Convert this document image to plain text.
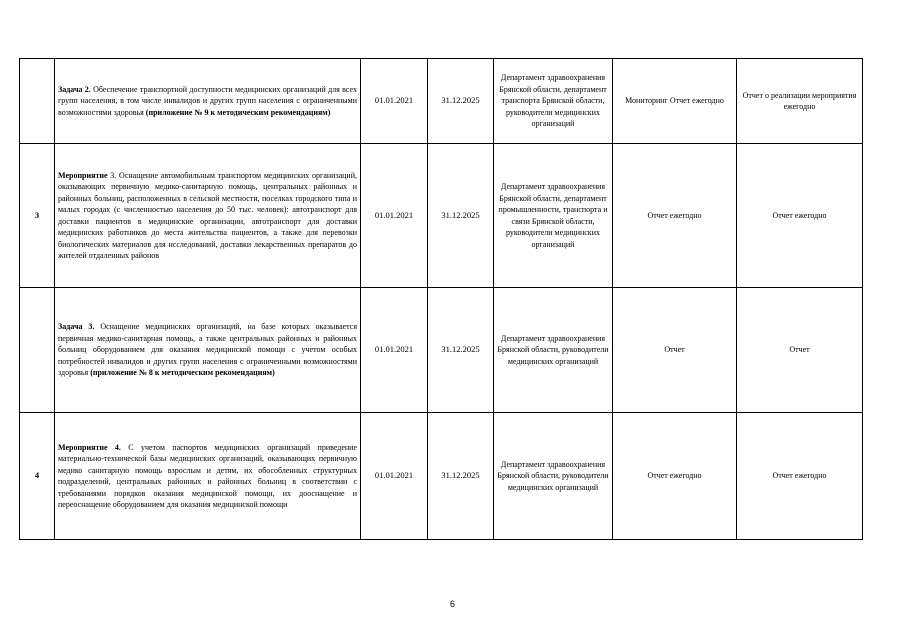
	Задача 2. Обеспечение транспортной доступности медицинских организаций для всех групп населения, в том числе инвалидов и других групп населения с ограниченными возможностями здоровья (приложение № 9 к методическим рекомендациям)	01.01.2021	31.12.2025	Департамент здравоохранения Брянской области, департамент транспорта Брянской области, руководители медицинских организаций	Мониторинг Отчет ежегодно	Отчет о реализации мероприятия ежегодно
3	Мероприятие 3. Оснащение автомобильным транспортом медицинских организаций, оказывающих первичную медико-санитарную помощь, центральных районных и районных больниц, расположенных в сельской местности, поселках городского типа и малых городах (с численностью населения до 50 тыс. человек): автотранспорт для доставки пациентов в медицинские организации, автотранспорт для доставки медицинских работников до места жительства пациентов, а также для перевозки биологических материалов для исследований, доставки лекарственных препаратов до жителей отдаленных районов	01.01.2021	31.12.2025	Департамент здравоохранения Брянской области, департамент промышленности, транспорта и связи Брянской области, руководители медицинских организаций	Отчет ежегодно	Отчет ежегодно
	Задача 3. Оснащение медицинских организаций, на базе которых оказывается первичная медико-санитарная помощь, а также центральных районных и районных больниц оборудованием для оказания медицинской помощи с учетом особых потребностей инвалидов и других групп населения с ограниченными возможностями здоровья (приложение № 8 к методическим рекомендациям)	01.01.2021	31.12.2025	Департамент здравоохранения Брянской области, руководители медицинских организаций	Отчет	Отчет
4	Мероприятие 4. С учетом паспортов медицинских организаций приведение материально-технической базы медицинских организаций, оказывающих первичную медико санитарную помощь взрослым и детям, их обособленных структурных подразделений, центральных районных и районных больниц в соответствии с требованиями порядков оказания медицинской помощи, их дооснащение и переоснащение оборудованием для оказания медицинской помощи	01.01.2021	31.12.2025	Департамент здравоохранения Брянской области, руководители медицинских организаций	Отчет ежегодно	Отчет ежегодно
6
